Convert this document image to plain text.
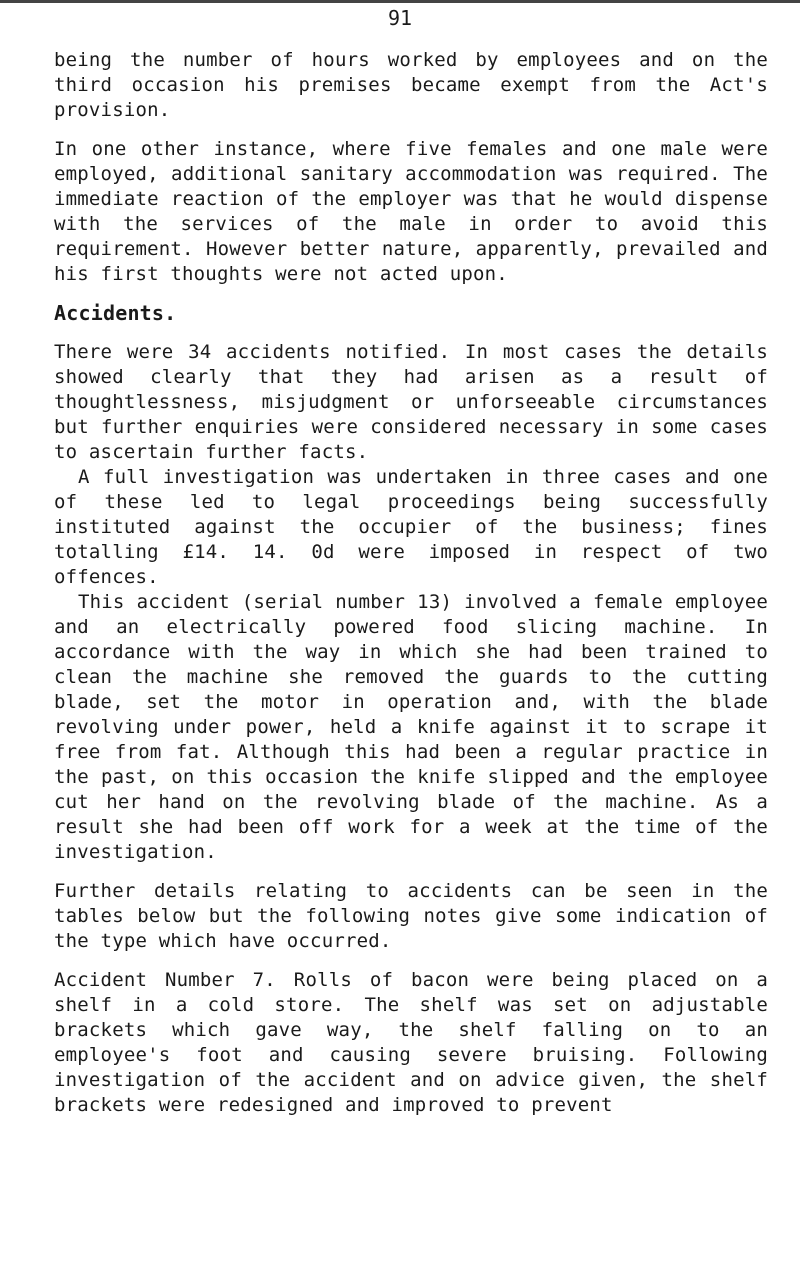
91

being the number of hours worked by employees and on the third occasion his premises became exempt from the Act's provision.

In one other instance, where five females and one male were employed, additional sanitary accommodation was required. The immediate reaction of the employer was that he would dispense with the services of the male in order to avoid this requirement. However better nature, apparently, prevailed and his first thoughts were not acted upon.

Accidents.

There were 34 accidents notified. In most cases the details showed clearly that they had arisen as a result of thoughtlessness, misjudgment or unforseeable circumstances but further enquiries were considered necessary in some cases to ascertain further facts.

A full investigation was undertaken in three cases and one of these led to legal proceedings being successfully instituted against the occupier of the business; fines totalling £14. 14. 0d were imposed in respect of two offences.

This accident (serial number 13) involved a female employee and an electrically powered food slicing machine. In accordance with the way in which she had been trained to clean the machine she removed the guards to the cutting blade, set the motor in operation and, with the blade revolving under power, held a knife against it to scrape it free from fat. Although this had been a regular practice in the past, on this occasion the knife slipped and the employee cut her hand on the revolving blade of the machine. As a result she had been off work for a week at the time of the investigation.

Further details relating to accidents can be seen in the tables below but the following notes give some indication of the type which have occurred.

Accident Number 7. Rolls of bacon were being placed on a shelf in a cold store. The shelf was set on adjustable brackets which gave way, the shelf falling on to an employee's foot and causing severe bruising. Following investigation of the accident and on advice given, the shelf brackets were redesigned and improved to prevent
